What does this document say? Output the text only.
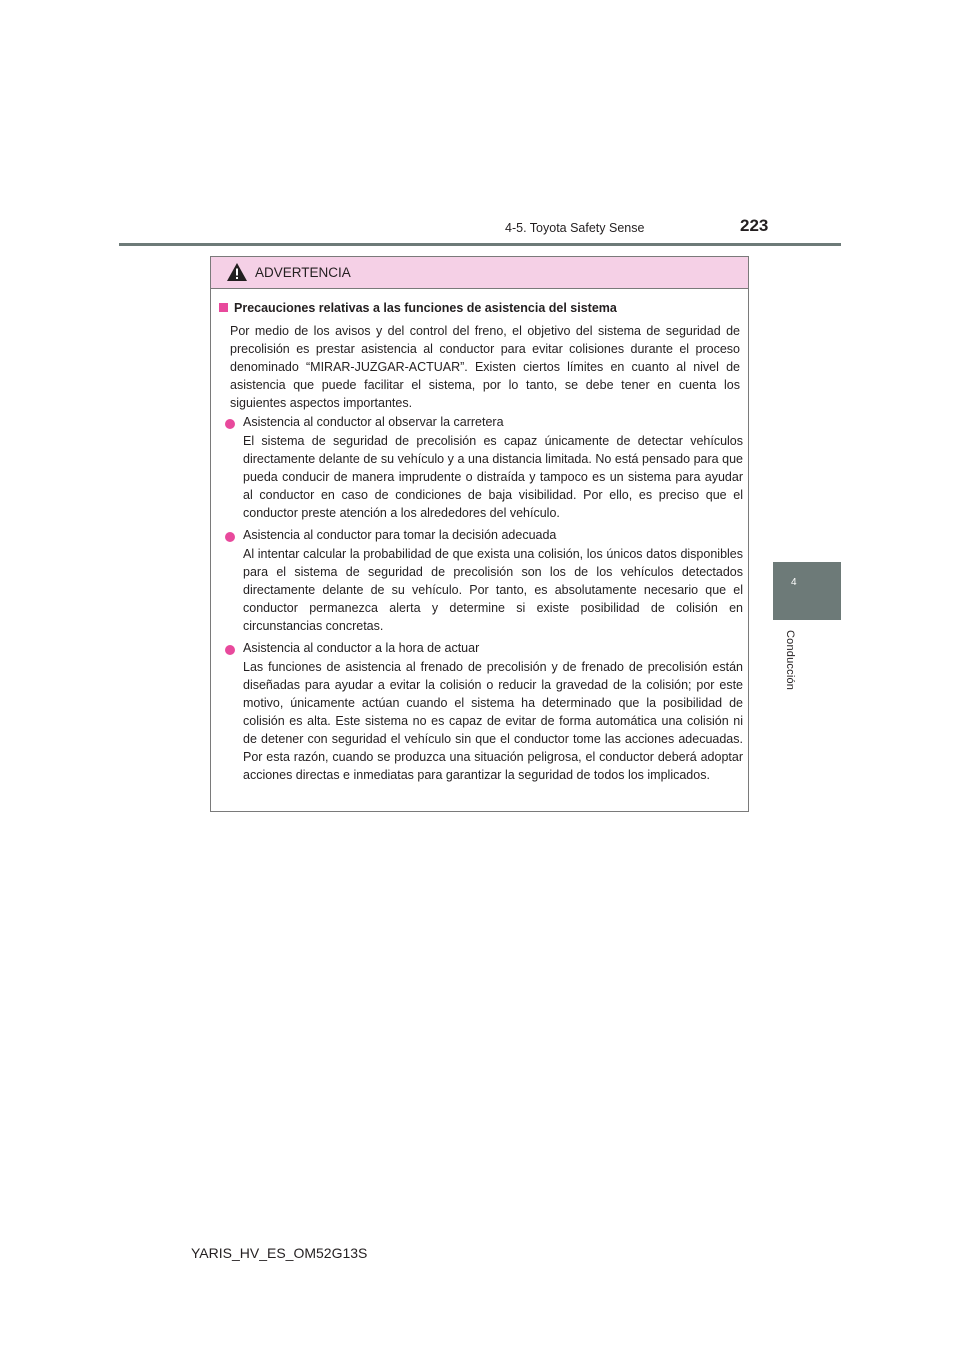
4-5. Toyota Safety Sense	223
4
Conducción
ADVERTENCIA
Precauciones relativas a las funciones de asistencia del sistema
Por medio de los avisos y del control del freno, el objetivo del sistema de seguridad de precolisión es prestar asistencia al conductor para evitar colisiones durante el proceso denominado “MIRAR-JUZGAR-ACTUAR”. Existen ciertos límites en cuanto al nivel de asistencia que puede facilitar el sistema, por lo tanto, se debe tener en cuenta los siguientes aspectos importantes.
Asistencia al conductor al observar la carretera
El sistema de seguridad de precolisión es capaz únicamente de detectar vehículos directamente delante de su vehículo y a una distancia limitada. No está pensado para que pueda conducir de manera imprudente o distraída y tampoco es un sistema para ayudar al conductor en caso de condiciones de baja visibilidad. Por ello, es preciso que el conductor preste atención a los alrededores del vehículo.
Asistencia al conductor para tomar la decisión adecuada
Al intentar calcular la probabilidad de que exista una colisión, los únicos datos disponibles para el sistema de seguridad de precolisión son los de los vehículos detectados directamente delante de su vehículo. Por tanto, es absolutamente necesario que el conductor permanezca alerta y determine si existe posibilidad de colisión en circunstancias concretas.
Asistencia al conductor a la hora de actuar
Las funciones de asistencia al frenado de precolisión y de frenado de precolisión están diseñadas para ayudar a evitar la colisión o reducir la gravedad de la colisión; por este motivo, únicamente actúan cuando el sistema ha determinado que la posibilidad de colisión es alta. Este sistema no es capaz de evitar de forma automática una colisión ni de detener con seguridad el vehículo sin que el conductor tome las acciones adecuadas. Por esta razón, cuando se produzca una situación peligrosa, el conductor deberá adoptar acciones directas e inmediatas para garantizar la seguridad de todos los implicados.
YARIS_HV_ES_OM52G13S
